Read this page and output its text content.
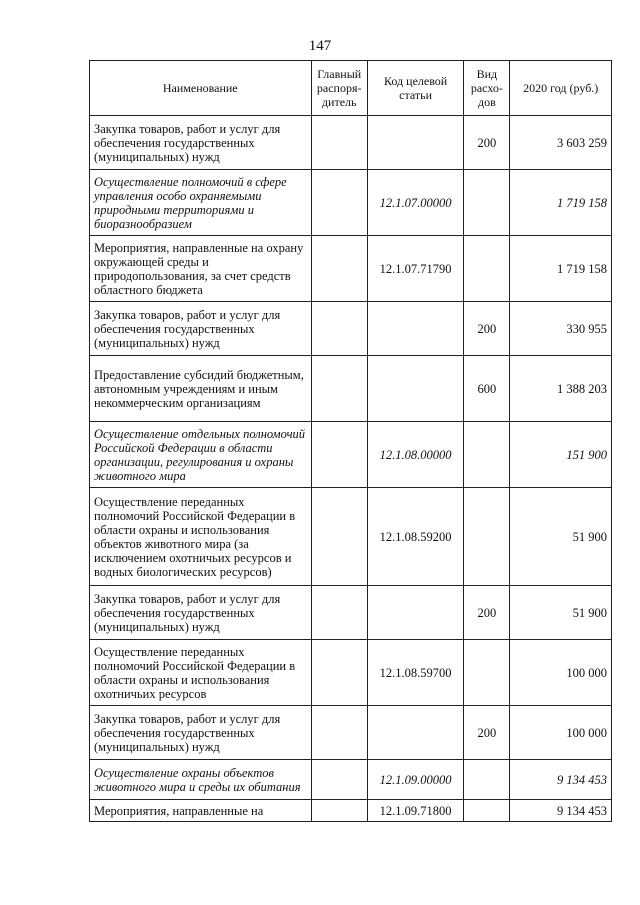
147
Наименование	Главный распоря-дитель	Код целевой статьи	Вид расхо-дов	2020 год (руб.)
Закупка товаров, работ и услуг для обеспечения государственных (муниципальных) нужд			200	3 603 259
Осуществление полномочий в сфере управления особо охраняемыми природными территориями и биоразнообразием		12.1.07.00000		1 719 158
Мероприятия, направленные на охрану окружающей среды и природопользования, за счет средств областного бюджета		12.1.07.71790		1 719 158
Закупка товаров, работ и услуг для обеспечения государственных (муниципальных) нужд			200	330 955
Предоставление субсидий бюджетным, автономным учреждениям и иным некоммерческим организациям			600	1 388 203
Осуществление отдельных полномочий Российской Федерации в области организации, регулирования и охраны животного мира		12.1.08.00000		151 900
Осуществление переданных полномочий Российской Федерации в области охраны и использования объектов животного мира (за исключением охотничьих ресурсов и водных биологических ресурсов)		12.1.08.59200		51 900
Закупка товаров, работ и услуг для обеспечения государственных (муниципальных) нужд			200	51 900
Осуществление переданных полномочий Российской Федерации в области охраны и использования охотничьих ресурсов		12.1.08.59700		100 000
Закупка товаров, работ и услуг для обеспечения государственных (муниципальных) нужд			200	100 000
Осуществление охраны объектов животного мира и среды их обитания		12.1.09.00000		9 134 453
Мероприятия, направленные на		12.1.09.71800		9 134 453
